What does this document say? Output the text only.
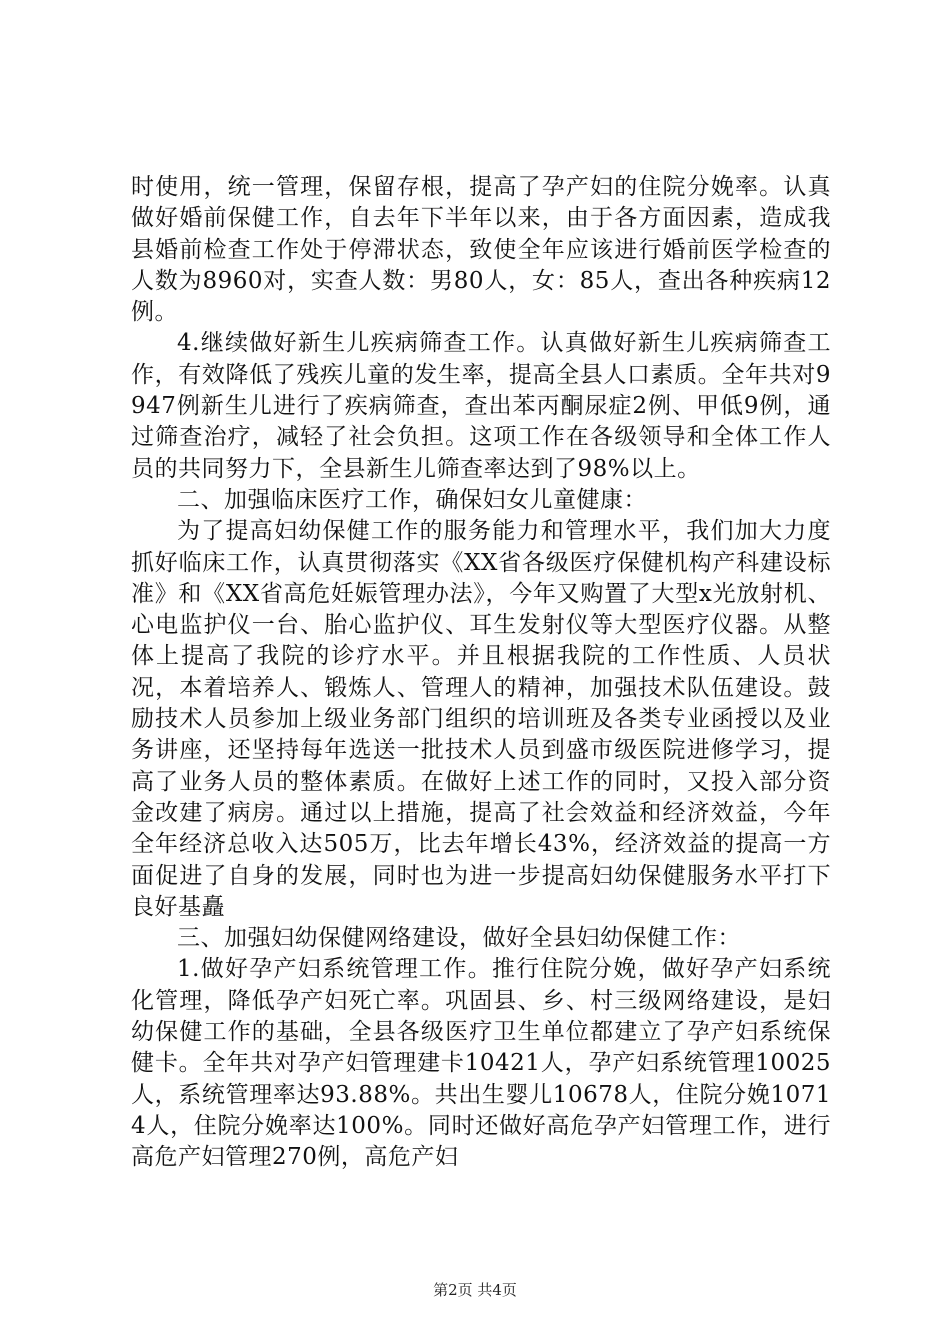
时使用，统一管理，保留存根，提高了孕产妇的住院分娩率。认真做好婚前保健工作，自去年下半年以来，由于各方面因素，造成我县婚前检查工作处于停滞状态，致使全年应该进行婚前医学检查的人数为8960对，实查人数：男80人，女：85人，查出各种疾病12例。

4.继续做好新生儿疾病筛查工作。认真做好新生儿疾病筛查工作，有效降低了残疾儿童的发生率，提高全县人口素质。全年共对9947例新生儿进行了疾病筛查，查出苯丙酮尿症2例、甲低9例，通过筛查治疗，减轻了社会负担。这项工作在各级领导和全体工作人员的共同努力下，全县新生儿筛查率达到了98%以上。

二、加强临床医疗工作，确保妇女儿童健康：

为了提高妇幼保健工作的服务能力和管理水平，我们加大力度抓好临床工作，认真贯彻落实《XX省各级医疗保健机构产科建设标准》和《XX省高危妊娠管理办法》，今年又购置了大型x光放射机、心电监护仪一台、胎心监护仪、耳生发射仪等大型医疗仪器。从整体上提高了我院的诊疗水平。并且根据我院的工作性质、人员状况，本着培养人、锻炼人、管理人的精神，加强技术队伍建设。鼓励技术人员参加上级业务部门组织的培训班及各类专业函授以及业务讲座，还坚持每年选送一批技术人员到盛市级医院进修学习，提高了业务人员的整体素质。在做好上述工作的同时，又投入部分资金改建了病房。通过以上措施，提高了社会效益和经济效益，今年全年经济总收入达505万，比去年增长43%，经济效益的提高一方面促进了自身的发展，同时也为进一步提高妇幼保健服务水平打下良好基矗

三、加强妇幼保健网络建设，做好全县妇幼保健工作：

1.做好孕产妇系统管理工作。推行住院分娩，做好孕产妇系统化管理，降低孕产妇死亡率。巩固县、乡、村三级网络建设，是妇幼保健工作的基础，全县各级医疗卫生单位都建立了孕产妇系统保健卡。全年共对孕产妇管理建卡10421人，孕产妇系统管理10025人，系统管理率达93.88%。共出生婴儿10678人，住院分娩10714人，住院分娩率达100%。同时还做好高危孕产妇管理工作，进行高危产妇管理270例，高危产妇

第2页 共4页
